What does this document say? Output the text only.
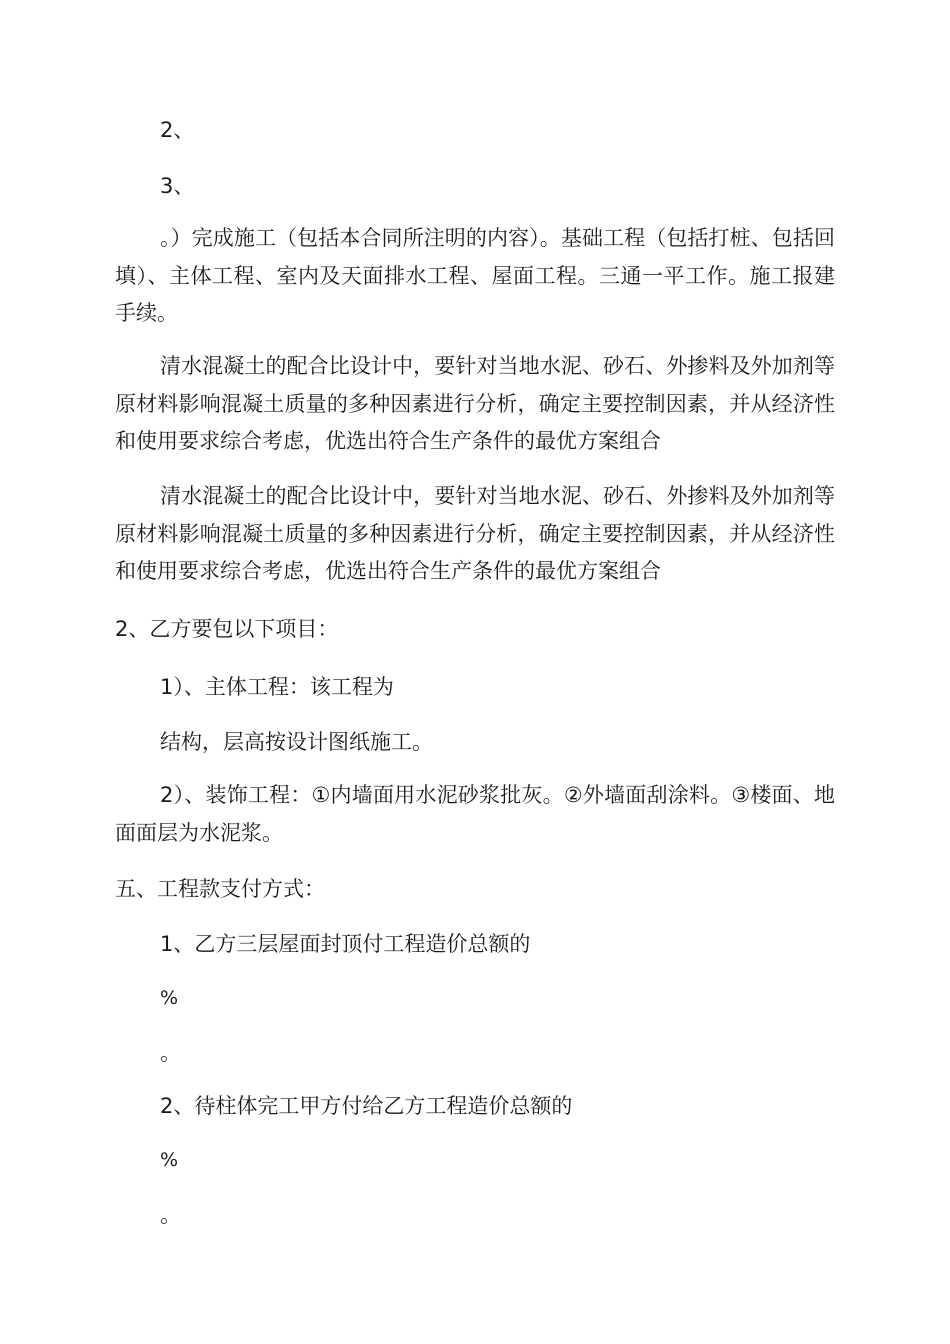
2、
3、
。）完成施工（包括本合同所注明的内容）。基础工程（包括打桩、包括回填）、主体工程、室内及天面排水工程、屋面工程。三通一平工作。施工报建手续。
清水混凝土的配合比设计中，要针对当地水泥、砂石、外掺料及外加剂等原材料影响混凝土质量的多种因素进行分析，确定主要控制因素，并从经济性和使用要求综合考虑，优选出符合生产条件的最优方案组合
清水混凝土的配合比设计中，要针对当地水泥、砂石、外掺料及外加剂等原材料影响混凝土质量的多种因素进行分析，确定主要控制因素，并从经济性和使用要求综合考虑，优选出符合生产条件的最优方案组合
2、乙方要包以下项目：
1）、主体工程：该工程为
结构，层高按设计图纸施工。
2）、装饰工程：①内墙面用水泥砂浆批灰。②外墙面刮涂料。③楼面、地面面层为水泥浆。
五、工程款支付方式：
1、乙方三层屋面封顶付工程造价总额的
%
。
2、待柱体完工甲方付给乙方工程造价总额的
%
。
